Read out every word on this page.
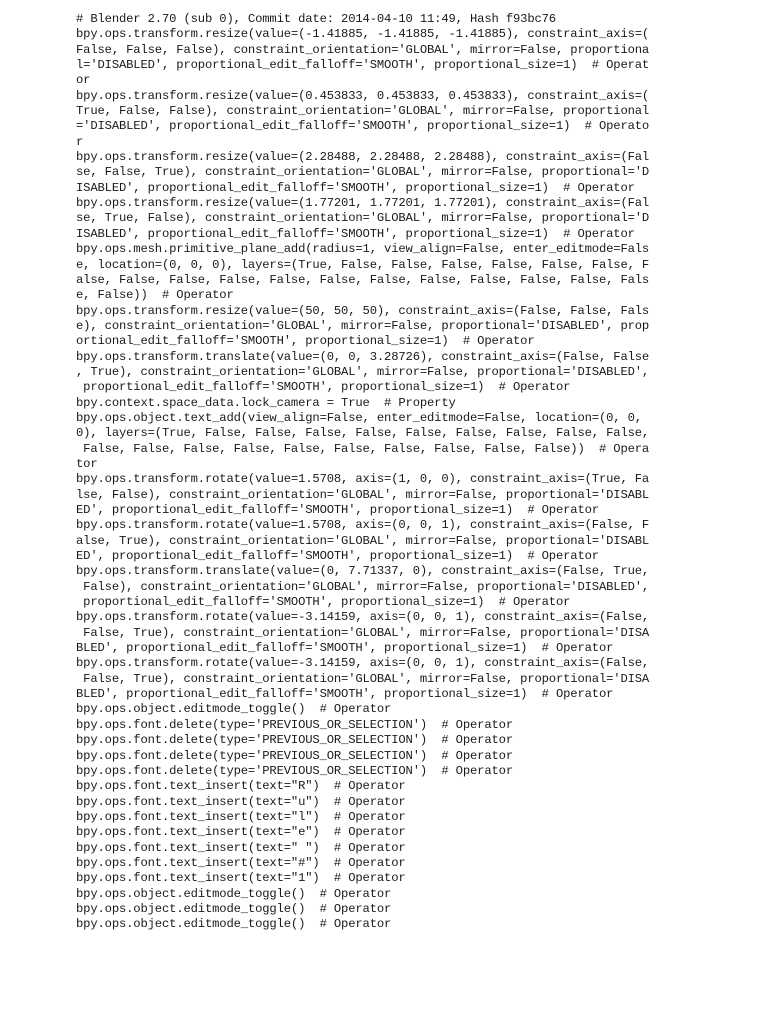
# Blender 2.70 (sub 0), Commit date: 2014-04-10 11:49, Hash f93bc76
bpy.ops.transform.resize(value=(-1.41885, -1.41885, -1.41885), constraint_axis=(
False, False, False), constraint_orientation='GLOBAL', mirror=False, proportiona
l='DISABLED', proportional_edit_falloff='SMOOTH', proportional_size=1)  # Operat
or
bpy.ops.transform.resize(value=(0.453833, 0.453833, 0.453833), constraint_axis=(
True, False, False), constraint_orientation='GLOBAL', mirror=False, proportional
='DISABLED', proportional_edit_falloff='SMOOTH', proportional_size=1)  # Operato
r
bpy.ops.transform.resize(value=(2.28488, 2.28488, 2.28488), constraint_axis=(Fal
se, False, True), constraint_orientation='GLOBAL', mirror=False, proportional='D
ISABLED', proportional_edit_falloff='SMOOTH', proportional_size=1)  # Operator
bpy.ops.transform.resize(value=(1.77201, 1.77201, 1.77201), constraint_axis=(Fal
se, True, False), constraint_orientation='GLOBAL', mirror=False, proportional='D
ISABLED', proportional_edit_falloff='SMOOTH', proportional_size=1)  # Operator
bpy.ops.mesh.primitive_plane_add(radius=1, view_align=False, enter_editmode=Fals
e, location=(0, 0, 0), layers=(True, False, False, False, False, False, False, F
alse, False, False, False, False, False, False, False, False, False, False, Fals
e, False))  # Operator
bpy.ops.transform.resize(value=(50, 50, 50), constraint_axis=(False, False, Fals
e), constraint_orientation='GLOBAL', mirror=False, proportional='DISABLED', prop
ortional_edit_falloff='SMOOTH', proportional_size=1)  # Operator
bpy.ops.transform.translate(value=(0, 0, 3.28726), constraint_axis=(False, False
, True), constraint_orientation='GLOBAL', mirror=False, proportional='DISABLED',
proportional_edit_falloff='SMOOTH', proportional_size=1)  # Operator
bpy.context.space_data.lock_camera = True  # Property
bpy.ops.object.text_add(view_align=False, enter_editmode=False, location=(0, 0,
0), layers=(True, False, False, False, False, False, False, False, False, False,
False, False, False, False, False, False, False, False, False, False))  # Opera
tor
bpy.ops.transform.rotate(value=1.5708, axis=(1, 0, 0), constraint_axis=(True, Fa
lse, False), constraint_orientation='GLOBAL', mirror=False, proportional='DISABL
ED', proportional_edit_falloff='SMOOTH', proportional_size=1)  # Operator
bpy.ops.transform.rotate(value=1.5708, axis=(0, 0, 1), constraint_axis=(False, F
alse, True), constraint_orientation='GLOBAL', mirror=False, proportional='DISABL
ED', proportional_edit_falloff='SMOOTH', proportional_size=1)  # Operator
bpy.ops.transform.translate(value=(0, 7.71337, 0), constraint_axis=(False, True,
False), constraint_orientation='GLOBAL', mirror=False, proportional='DISABLED',
proportional_edit_falloff='SMOOTH', proportional_size=1)  # Operator
bpy.ops.transform.rotate(value=-3.14159, axis=(0, 0, 1), constraint_axis=(False,
False, True), constraint_orientation='GLOBAL', mirror=False, proportional='DISA
BLED', proportional_edit_falloff='SMOOTH', proportional_size=1)  # Operator
bpy.ops.transform.rotate(value=-3.14159, axis=(0, 0, 1), constraint_axis=(False,
False, True), constraint_orientation='GLOBAL', mirror=False, proportional='DISA
BLED', proportional_edit_falloff='SMOOTH', proportional_size=1)  # Operator
bpy.ops.object.editmode_toggle()  # Operator
bpy.ops.font.delete(type='PREVIOUS_OR_SELECTION')  # Operator
bpy.ops.font.delete(type='PREVIOUS_OR_SELECTION')  # Operator
bpy.ops.font.delete(type='PREVIOUS_OR_SELECTION')  # Operator
bpy.ops.font.delete(type='PREVIOUS_OR_SELECTION')  # Operator
bpy.ops.font.text_insert(text="R")  # Operator
bpy.ops.font.text_insert(text="u")  # Operator
bpy.ops.font.text_insert(text="l")  # Operator
bpy.ops.font.text_insert(text="e")  # Operator
bpy.ops.font.text_insert(text=" ")  # Operator
bpy.ops.font.text_insert(text="#")  # Operator
bpy.ops.font.text_insert(text="1")  # Operator
bpy.ops.object.editmode_toggle()  # Operator
bpy.ops.object.editmode_toggle()  # Operator
bpy.ops.object.editmode_toggle()  # Operator
